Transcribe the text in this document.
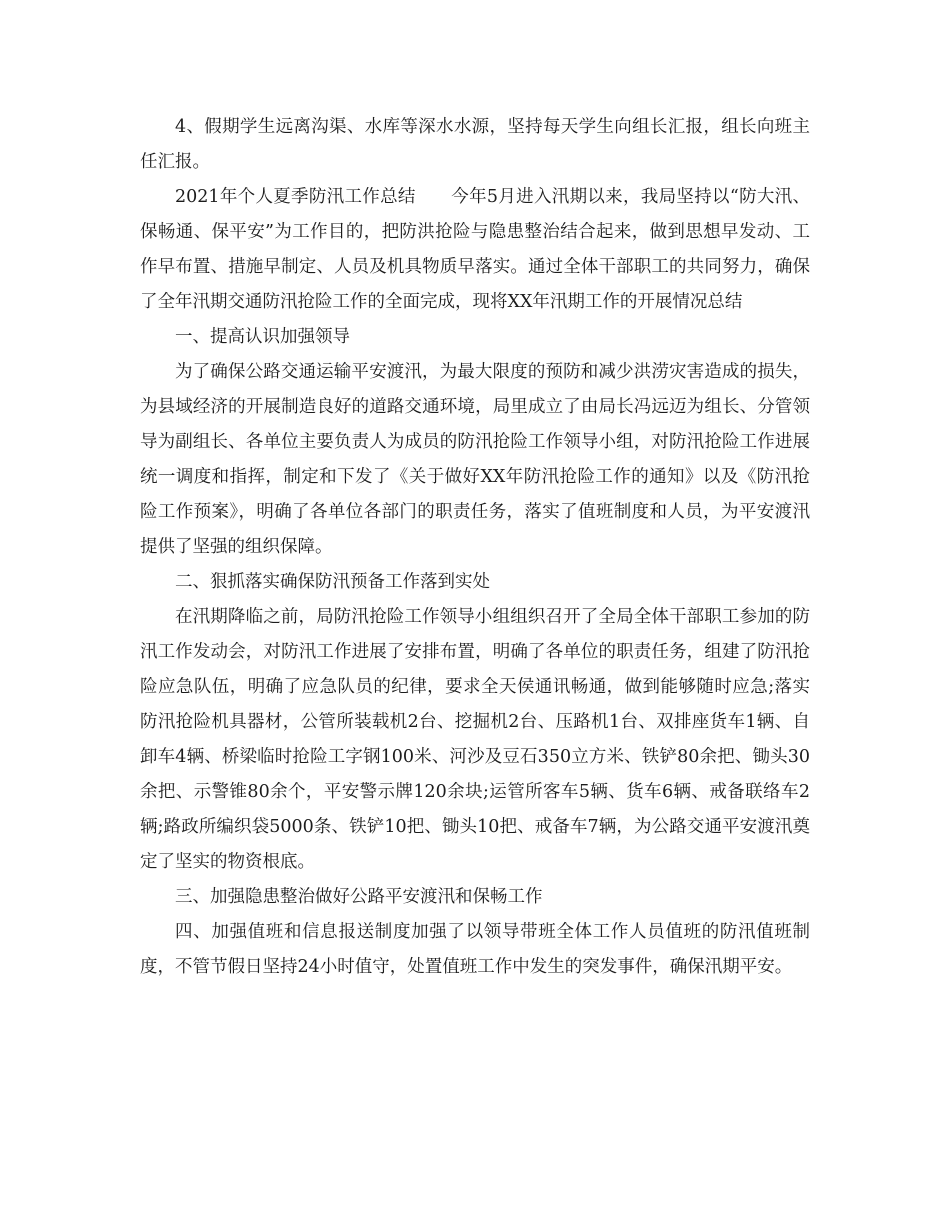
4、假期学生远离沟渠、水库等深水水源，坚持每天学生向组长汇报，组长向班主任汇报。

2021年个人夏季防汛工作总结　　今年5月进入汛期以来，我局坚持以“防大汛、保畅通、保平安”为工作目的，把防洪抢险与隐患整治结合起来，做到思想早发动、工作早布置、措施早制定、人员及机具物质早落实。通过全体干部职工的共同努力，确保了全年汛期交通防汛抢险工作的全面完成，现将XX年汛期工作的开展情况总结

一、提高认识加强领导

为了确保公路交通运输平安渡汛，为最大限度的预防和减少洪涝灾害造成的损失，为县域经济的开展制造良好的道路交通环境，局里成立了由局长冯远迈为组长、分管领导为副组长、各单位主要负责人为成员的防汛抢险工作领导小组，对防汛抢险工作进展统一调度和指挥，制定和下发了《关于做好XX年防汛抢险工作的通知》以及《防汛抢险工作预案》，明确了各单位各部门的职责任务，落实了值班制度和人员，为平安渡汛提供了坚强的组织保障。

二、狠抓落实确保防汛预备工作落到实处

在汛期降临之前，局防汛抢险工作领导小组组织召开了全局全体干部职工参加的防汛工作发动会，对防汛工作进展了安排布置，明确了各单位的职责任务，组建了防汛抢险应急队伍，明确了应急队员的纪律，要求全天侯通讯畅通，做到能够随时应急;落实防汛抢险机具器材，公管所装载机2台、挖掘机2台、压路机1台、双排座货车1辆、自卸车4辆、桥梁临时抢险工字钢100米、河沙及豆石350立方米、铁铲80余把、锄头30余把、示警锥80余个，平安警示牌120余块;运管所客车5辆、货车6辆、戒备联络车2辆;路政所编织袋5000条、铁铲10把、锄头10把、戒备车7辆，为公路交通平安渡汛奠定了坚实的物资根底。

三、加强隐患整治做好公路平安渡汛和保畅工作

四、加强值班和信息报送制度加强了以领导带班全体工作人员值班的防汛值班制度，不管节假日坚持24小时值守，处置值班工作中发生的突发事件，确保汛期平安。
